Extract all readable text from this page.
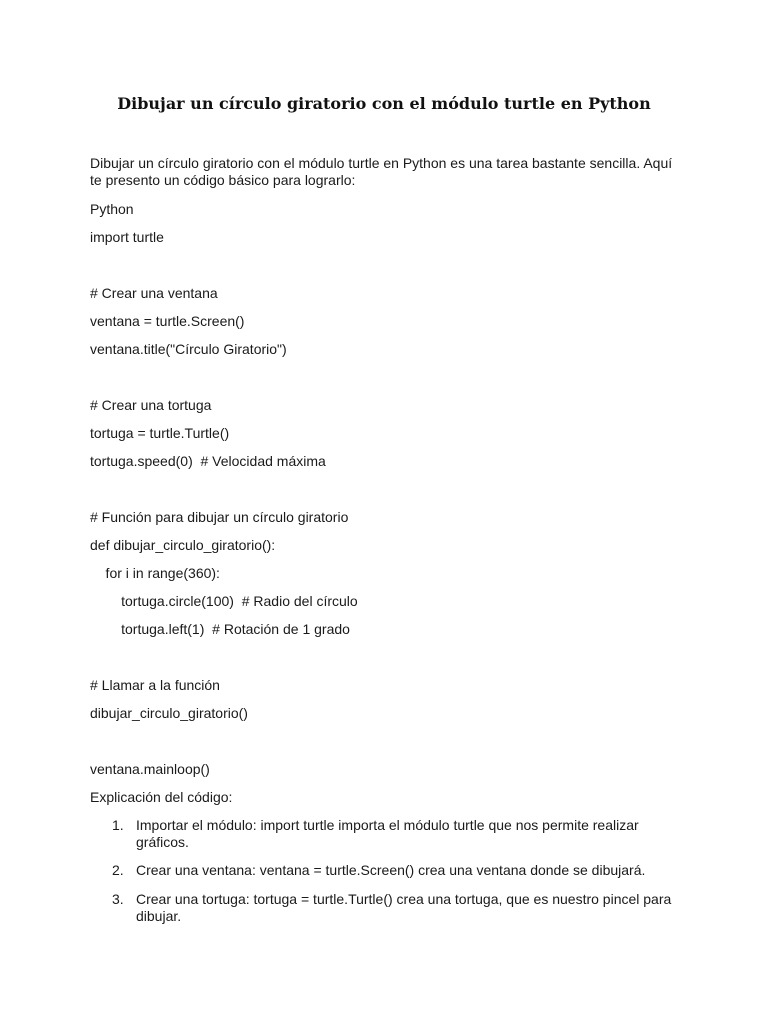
Dibujar un círculo giratorio con el módulo turtle en Python
Dibujar un círculo giratorio con el módulo turtle en Python es una tarea bastante sencilla. Aquí te presento un código básico para lograrlo:
Python
import turtle
# Crear una ventana
ventana = turtle.Screen()
ventana.title("Círculo Giratorio")
# Crear una tortuga
tortuga = turtle.Turtle()
tortuga.speed(0)  # Velocidad máxima
# Función para dibujar un círculo giratorio
def dibujar_circulo_giratorio():
for i in range(360):
tortuga.circle(100)  # Radio del círculo
tortuga.left(1)  # Rotación de 1 grado
# Llamar a la función
dibujar_circulo_giratorio()
ventana.mainloop()
Explicación del código:
1. Importar el módulo: import turtle importa el módulo turtle que nos permite realizar gráficos.
2. Crear una ventana: ventana = turtle.Screen() crea una ventana donde se dibujará.
3. Crear una tortuga: tortuga = turtle.Turtle() crea una tortuga, que es nuestro pincel para dibujar.
